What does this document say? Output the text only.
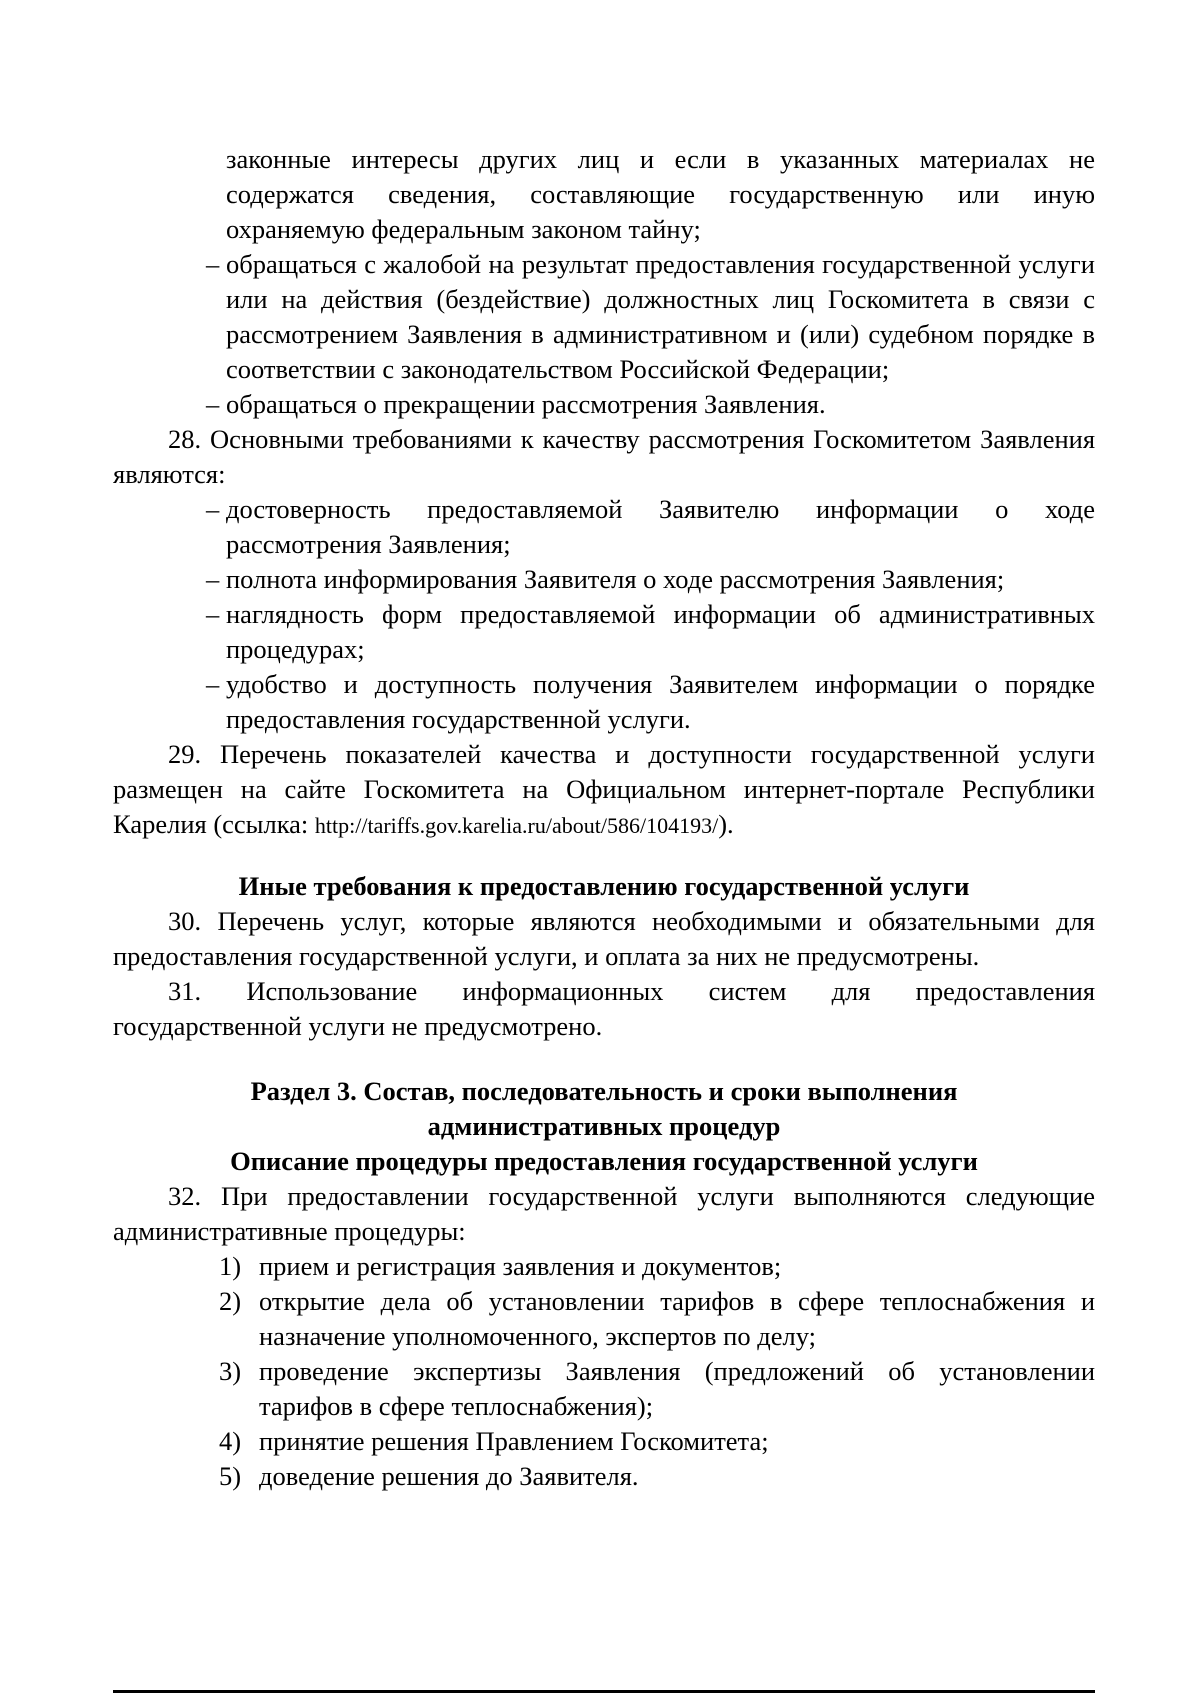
законные интересы других лиц и если в указанных материалах не содержатся сведения, составляющие государственную или иную охраняемую федеральным законом тайну;

– обращаться с жалобой на результат предоставления государственной услуги или на действия (бездействие) должностных лиц Госкомитета в связи с рассмотрением Заявления в административном и (или) судебном порядке в соответствии с законодательством Российской Федерации;

– обращаться о прекращении рассмотрения Заявления.

28. Основными требованиями к качеству рассмотрения Госкомитетом Заявления являются:

– достоверность предоставляемой Заявителю информации о ходе рассмотрения Заявления;

– полнота информирования Заявителя о ходе рассмотрения Заявления;

– наглядность форм предоставляемой информации об административных процедурах;

– удобство и доступность получения Заявителем информации о порядке предоставления государственной услуги.

29. Перечень показателей качества и доступности государственной услуги размещен на сайте Госкомитета на Официальном интернет-портале Республики Карелия (ссылка: http://tariffs.gov.karelia.ru/about/586/104193/).

Иные требования к предоставлению государственной услуги

30. Перечень услуг, которые являются необходимыми и обязательными для предоставления государственной услуги, и оплата за них не предусмотрены.

31. Использование информационных систем для предоставления государственной услуги не предусмотрено.

Раздел 3. Состав, последовательность и сроки выполнения

административных процедур

Описание процедуры предоставления государственной услуги

32. При предоставлении государственной услуги выполняются следующие административные процедуры:

1) прием и регистрация заявления и документов;

2) открытие дела об установлении тарифов в сфере теплоснабжения и назначение уполномоченного, экспертов по делу;

3) проведение экспертизы Заявления (предложений об установлении тарифов в сфере теплоснабжения);

4) принятие решения Правлением Госкомитета;

5) доведение решения до Заявителя.
